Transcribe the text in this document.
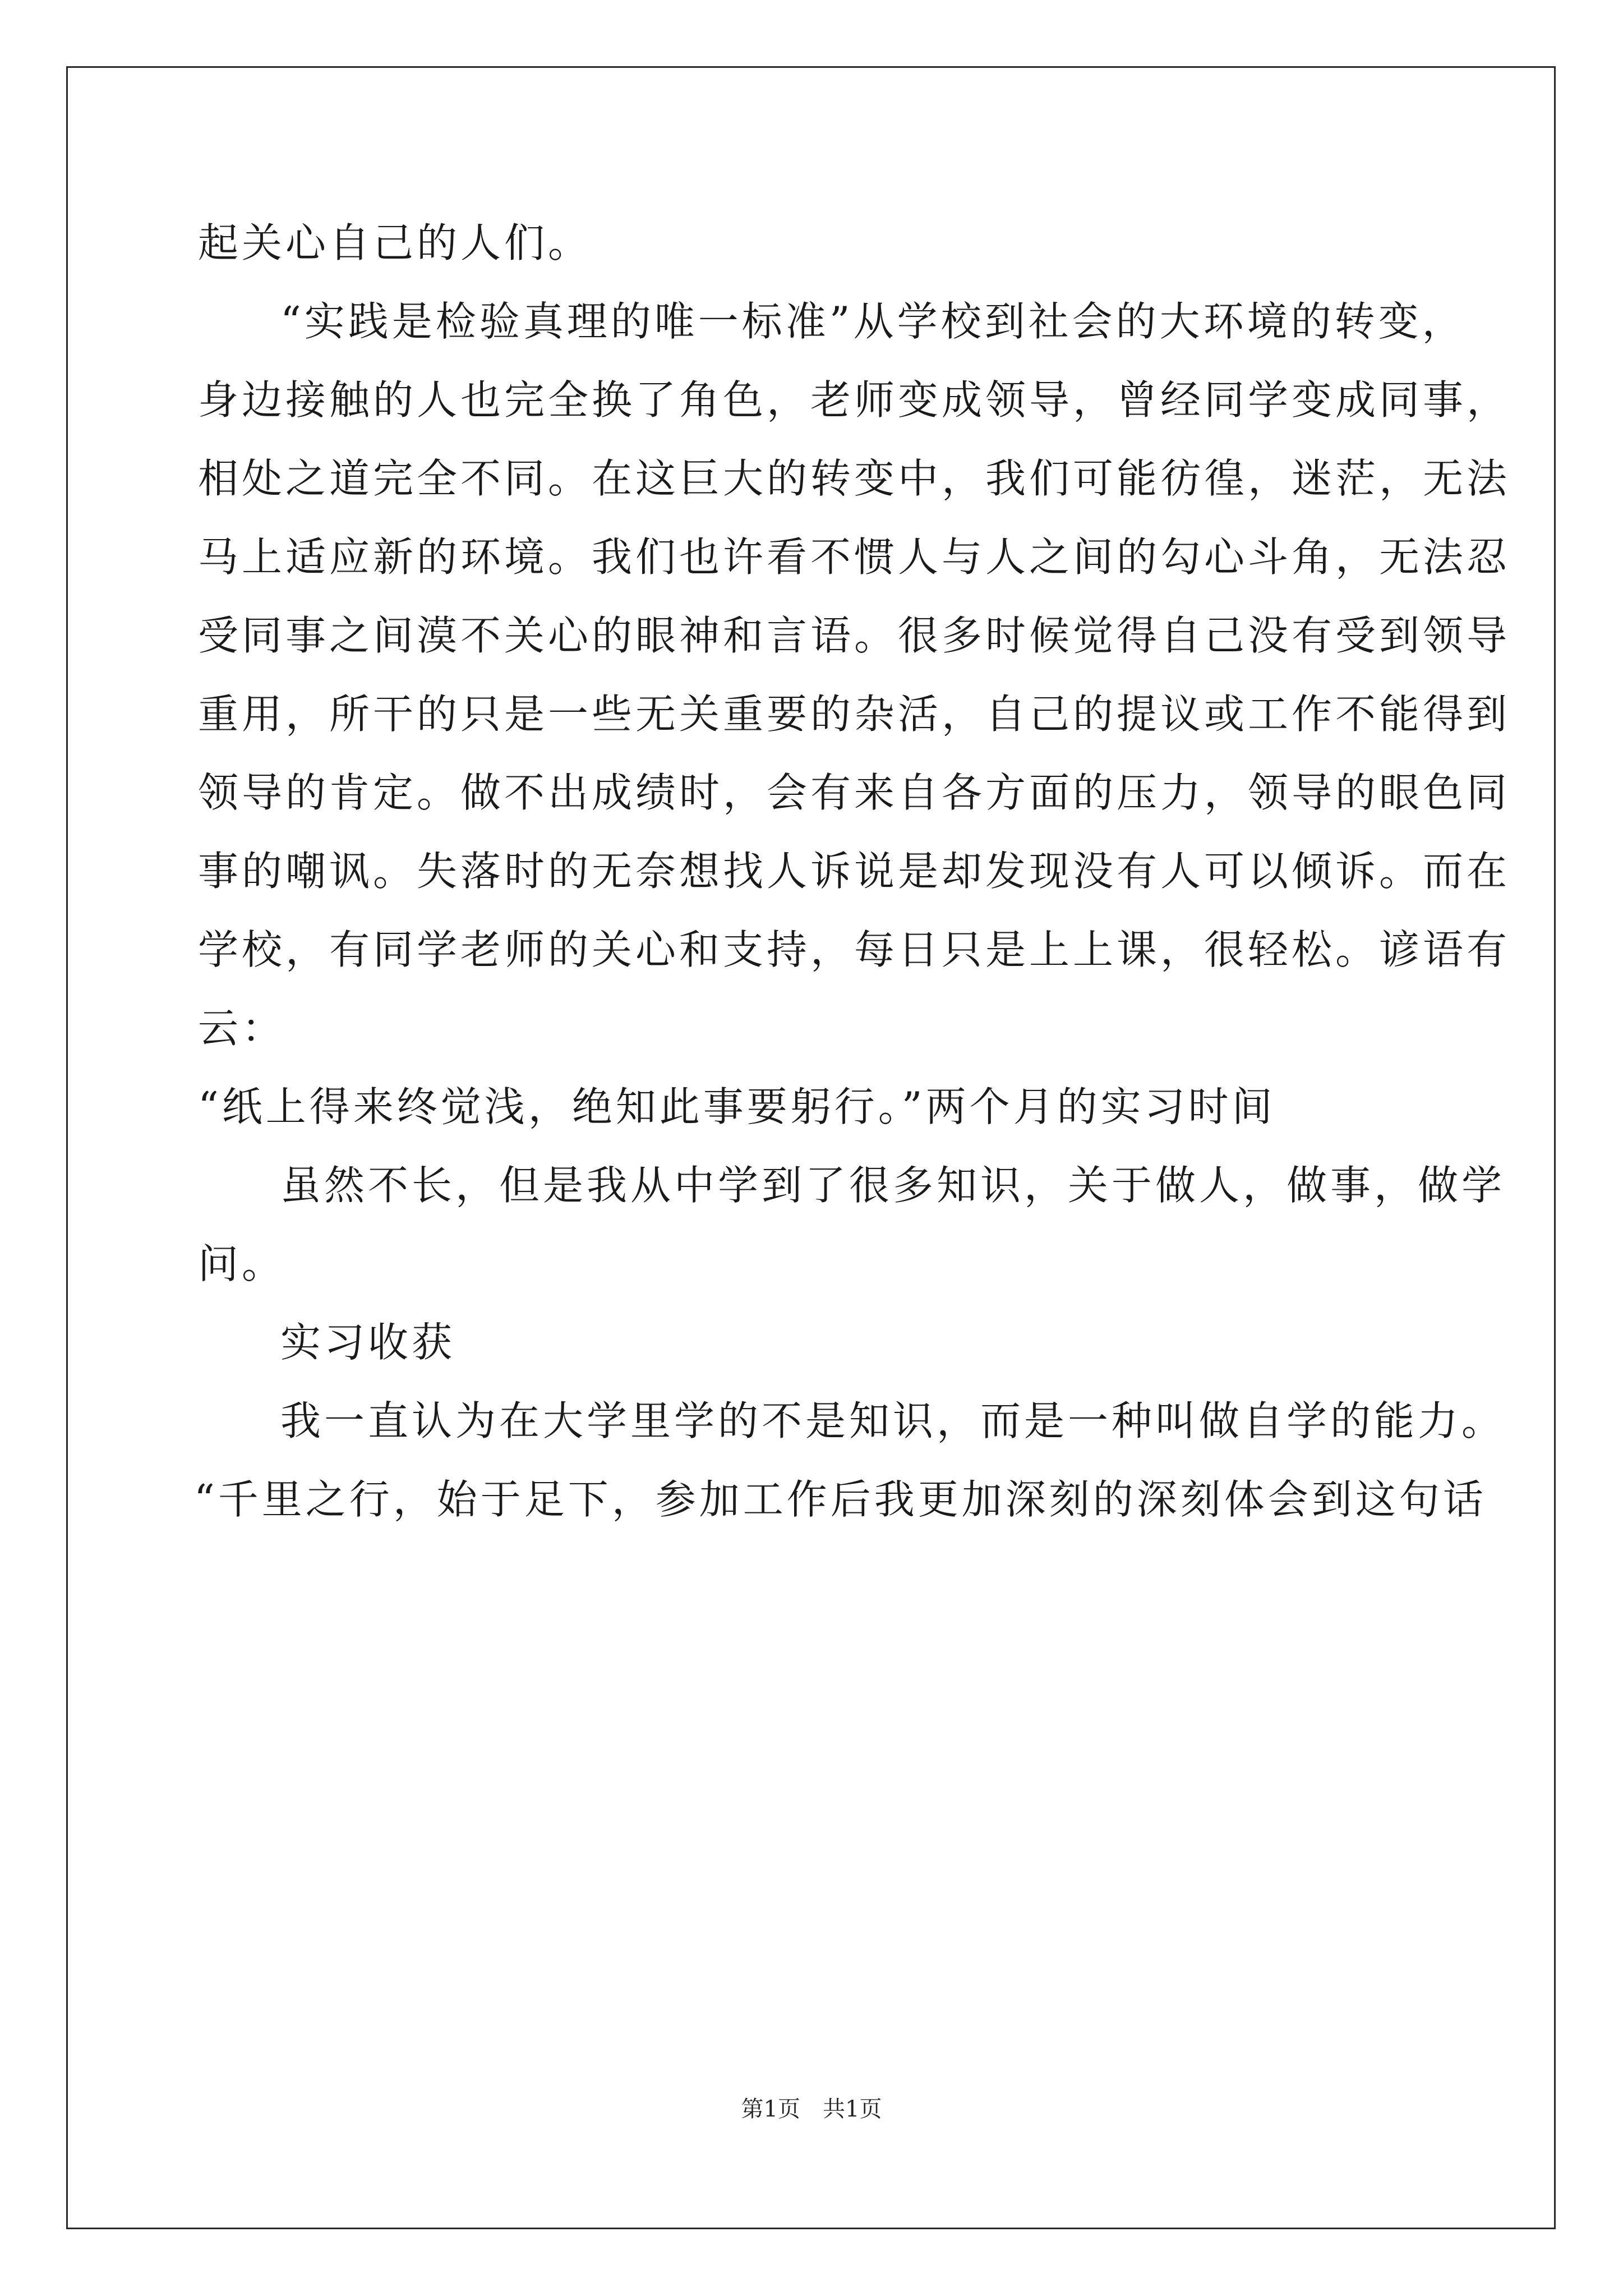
起关心自己的人们。
“实践是检验真理的唯一标准”从学校到社会的大环境的转变，
身边接触的人也完全换了角色，老师变成领导，曾经同学变成同事，
相处之道完全不同。在这巨大的转变中，我们可能彷徨，迷茫，无法
马上适应新的环境。我们也许看不惯人与人之间的勾心斗角，无法忍
受同事之间漠不关心的眼神和言语。很多时候觉得自己没有受到领导
重用，所干的只是一些无关重要的杂活，自己的提议或工作不能得到
领导的肯定。做不出成绩时，会有来自各方面的压力，领导的眼色同
事的嘲讽。失落时的无奈想找人诉说是却发现没有人可以倾诉。而在
学校，有同学老师的关心和支持，每日只是上上课，很轻松。谚语有
云：
“纸上得来终觉浅，绝知此事要躬行。”两个月的实习时间
虽然不长，但是我从中学到了很多知识，关于做人，做事，做学
问。
实习收获
我一直认为在大学里学的不是知识，而是一种叫做自学的能力。
“千里之行，始于足下，参加工作后我更加深刻的深刻体会到这句话
第1页　共1页
